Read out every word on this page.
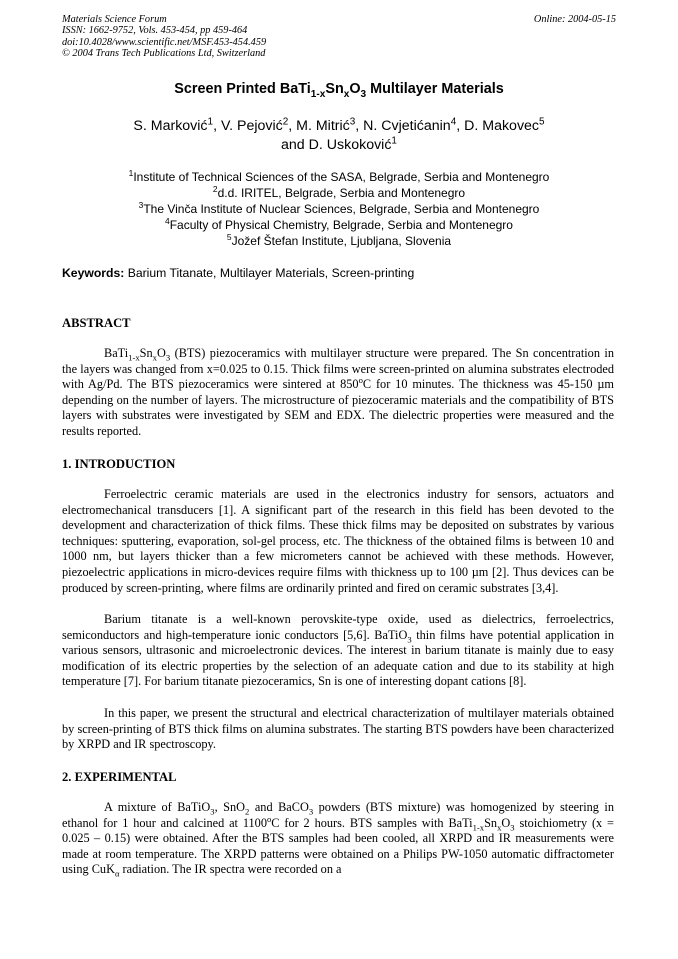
Materials Science Forum
ISSN: 1662-9752, Vols. 453-454, pp 459-464
doi:10.4028/www.scientific.net/MSF.453-454.459
© 2004 Trans Tech Publications Ltd, Switzerland
Online: 2004-05-15
Screen Printed $BaTi_{1-x}Sn_xO_3$ Multilayer Materials
S. Marković$^1$, V. Pejović$^2$, M. Mitrić$^3$, N. Cvjetićanin$^4$, D. Makovec$^5$
and D. Uskoković$^1$
$^1$Institute of Technical Sciences of the SASA, Belgrade, Serbia and Montenegro
$^2$d.d. IRITEL, Belgrade, Serbia and Montenegro
$^3$The Vinča Institute of Nuclear Sciences, Belgrade, Serbia and Montenegro
$^4$Faculty of Physical Chemistry, Belgrade, Serbia and Montenegro
$^5$Jožef Štefan Institute, Ljubljana, Slovenia
Keywords: Barium Titanate, Multilayer Materials, Screen-printing
ABSTRACT

$BaTi_{1-x}Sn_xO_3$ (BTS) piezoceramics with multilayer structure were prepared. The Sn concentration in the layers was changed from x=0.025 to 0.15. Thick films were screen-printed on alumina substrates electroded with Ag/Pd. The BTS piezoceramics were sintered at 850$^o$C for 10 minutes. The thickness was 45-150 µm depending on the number of layers. The microstructure of piezoceramic materials and the compatibility of BTS layers with substrates were investigated by SEM and EDX. The dielectric properties were measured and the results reported.

1. INTRODUCTION

Ferroelectric ceramic materials are used in the electronics industry for sensors, actuators and electromechanical transducers [1]. A significant part of the research in this field has been devoted to the development and characterization of thick films. These thick films may be deposited on substrates by various techniques: sputtering, evaporation, sol-gel process, etc. The thickness of the obtained films is between 10 and 1000 nm, but layers thicker than a few micrometers cannot be achieved with these methods. However, piezoelectric applications in micro-devices require films with thickness up to 100 µm [2]. Thus devices can be produced by screen-printing, where films are ordinarily printed and fired on ceramic substrates [3,4].

Barium titanate is a well-known perovskite-type oxide, used as dielectrics, ferroelectrics, semiconductors and high-temperature ionic conductors [5,6]. BaTiO$_3$ thin films have potential application in various sensors, ultrasonic and microelectronic devices. The interest in barium titanate is mainly due to easy modification of its electric properties by the selection of an adequate cation and due to its stability at high temperature [7]. For barium titanate piezoceramics, Sn is one of interesting dopant cations [8].

In this paper, we present the structural and electrical characterization of multilayer materials obtained by screen-printing of BTS thick films on alumina substrates. The starting BTS powders have been characterized by XRPD and IR spectroscopy.

2. EXPERIMENTAL

A mixture of BaTiO$_3$, SnO$_2$ and BaCO$_3$ powders (BTS mixture) was homogenized by steering in ethanol for 1 hour and calcined at 1100$^o$C for 2 hours. BTS samples with $BaTi_{1-x}Sn_xO_3$ stoichiometry (x = 0.025 – 0.15) were obtained. After the BTS samples had been cooled, all XRPD and IR measurements were made at room temperature. The XRPD patterns were obtained on a Philips PW-1050 automatic diffractometer using CuK$_\alpha$ radiation. The IR spectra were recorded on a
